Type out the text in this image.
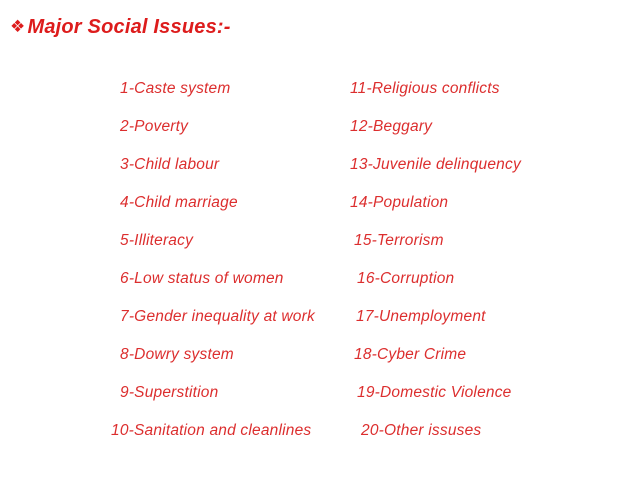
❖ Major Social Issues:-
1-Caste system
2-Poverty
3-Child labour
4-Child marriage
5-Illiteracy
6-Low status of women
7-Gender inequality at work
8-Dowry system
9-Superstition
10-Sanitation and cleanlines
11-Religious conflicts
12-Beggary
13-Juvenile delinquency
14-Population
15-Terrorism
16-Corruption
17-Unemployment
18-Cyber Crime
19-Domestic Violence
20-Other issuses
